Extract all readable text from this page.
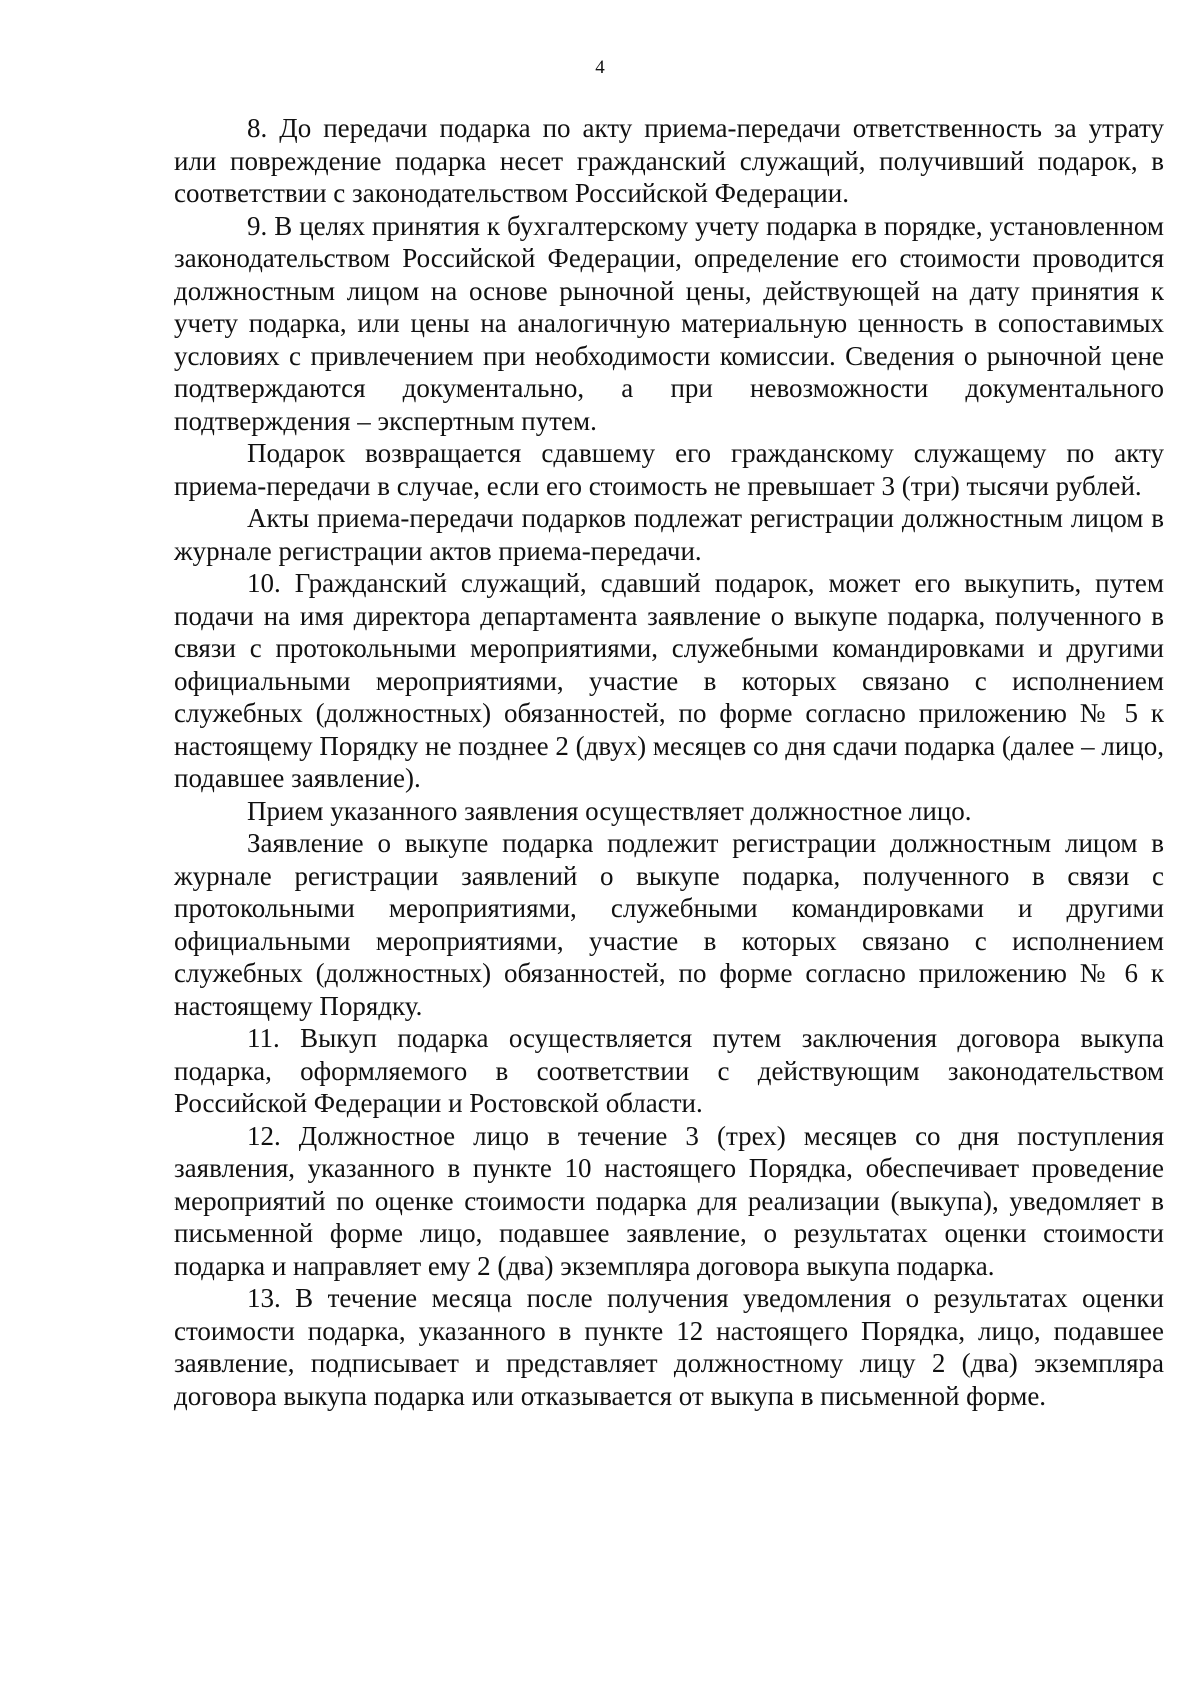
4

8. До передачи подарка по акту приема-передачи ответственность за утрату или повреждение подарка несет гражданский служащий, получивший подарок, в соответствии с законодательством Российской Федерации.

9. В целях принятия к бухгалтерскому учету подарка в порядке, установленном законодательством Российской Федерации, определение его стоимости проводится должностным лицом на основе рыночной цены, действующей на дату принятия к учету подарка, или цены на аналогичную материальную ценность в сопоставимых условиях с привлечением при необходимости комиссии. Сведения о рыночной цене подтверждаются документально, а при невозможности документального подтверждения – экспертным путем.

Подарок возвращается сдавшему его гражданскому служащему по акту приема-передачи в случае, если его стоимость не превышает 3 (три) тысячи рублей.

Акты приема-передачи подарков подлежат регистрации должностным лицом в журнале регистрации актов приема-передачи.

10. Гражданский служащий, сдавший подарок, может его выкупить, путем подачи на имя директора департамента заявление о выкупе подарка, полученного в связи с протокольными мероприятиями, служебными командировками и другими официальными мероприятиями, участие в которых связано с исполнением служебных (должностных) обязанностей, по форме согласно приложению № 5 к настоящему Порядку не позднее 2 (двух) месяцев со дня сдачи подарка (далее – лицо, подавшее заявление).

Прием указанного заявления осуществляет должностное лицо.

Заявление о выкупе подарка подлежит регистрации должностным лицом в журнале регистрации заявлений о выкупе подарка, полученного в связи с протокольными мероприятиями, служебными командировками и другими официальными мероприятиями, участие в которых связано с исполнением служебных (должностных) обязанностей, по форме согласно приложению № 6 к настоящему Порядку.

11. Выкуп подарка осуществляется путем заключения договора выкупа подарка, оформляемого в соответствии с действующим законодательством Российской Федерации и Ростовской области.

12. Должностное лицо в течение 3 (трех) месяцев со дня поступления заявления, указанного в пункте 10 настоящего Порядка, обеспечивает проведение мероприятий по оценке стоимости подарка для реализации (выкупа), уведомляет в письменной форме лицо, подавшее заявление, о результатах оценки стоимости подарка и направляет ему 2 (два) экземпляра договора выкупа подарка.

13. В течение месяца после получения уведомления о результатах оценки стоимости подарка, указанного в пункте 12 настоящего Порядка, лицо, подавшее заявление, подписывает и представляет должностному лицу 2 (два) экземпляра договора выкупа подарка или отказывается от выкупа в письменной форме.
